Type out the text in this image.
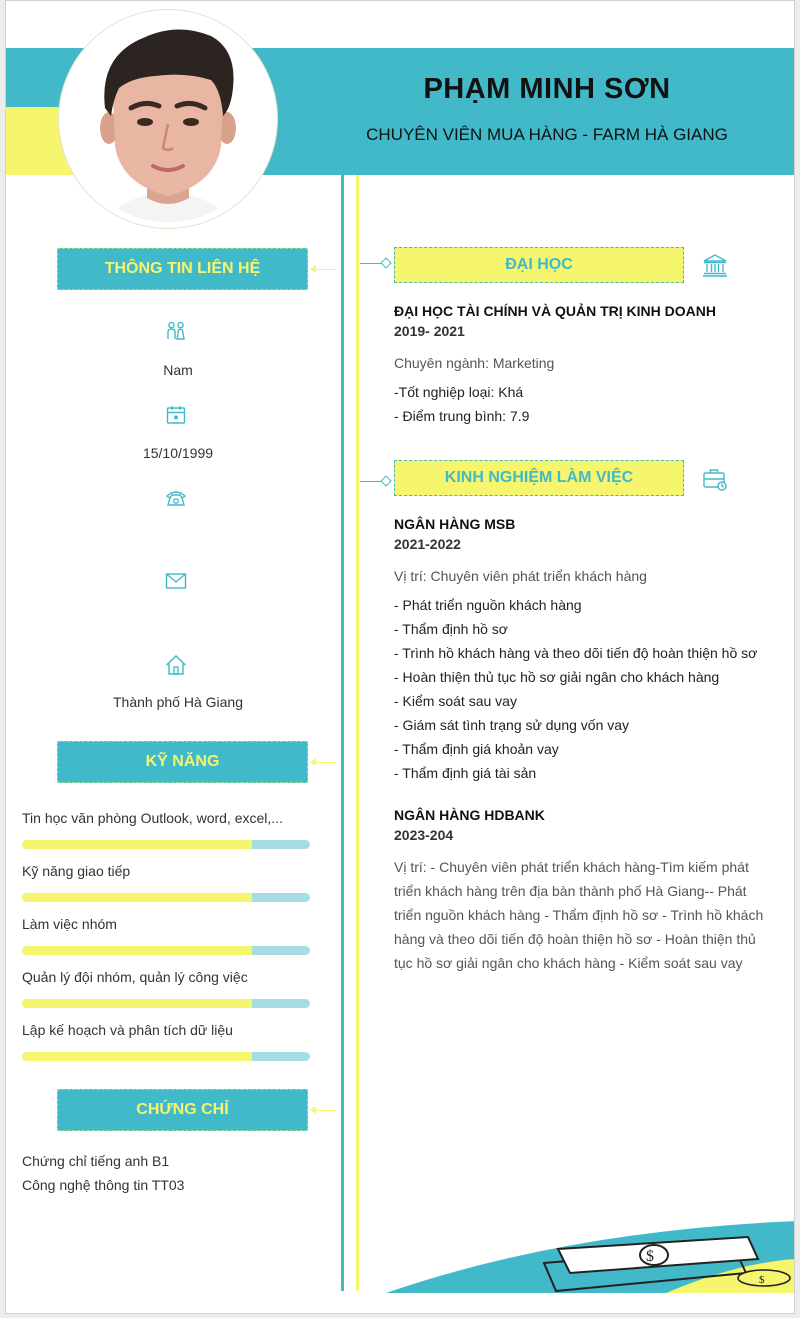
PHẠM MINH SƠN
CHUYÊN VIÊN MUA HÀNG - FARM HÀ GIANG
THÔNG TIN LIÊN HỆ
Nam
15/10/1999
Thành phố Hà Giang
KỸ NĂNG
Tin học văn phòng Outlook, word, excel,...
Kỹ năng giao tiếp
Làm việc nhóm
Quản lý đội nhóm, quản lý công việc
Lập kế hoạch và phân tích dữ liệu
CHỨNG CHỈ
Chứng chỉ tiếng anh B1
Công nghệ thông tin TT03
ĐẠI HỌC
ĐẠI HỌC TÀI CHÍNH VÀ QUẢN TRỊ KINH DOANH
2019- 2021
Chuyên ngành: Marketing
-Tốt nghiệp loại: Khá
- Điểm trung bình: 7.9
KINH NGHIỆM LÀM VIỆC
NGÂN HÀNG MSB
2021-2022
Vị trí: Chuyên viên phát triển khách hàng
- Phát triển nguồn khách hàng
- Thẩm định hồ sơ
- Trình hồ khách hàng và theo dõi tiến độ hoàn thiện hồ sơ
- Hoàn thiện thủ tục hồ sơ giải ngân cho khách hàng
- Kiểm soát sau vay
- Giám sát tình trạng sử dụng vốn vay
- Thẩm định giá khoản vay
- Thẩm định giá tài sản
NGÂN HÀNG HDBANK
2023-204
Vị trí: - Chuyên viên phát triển khách hàng-Tìm kiếm phát triển khách hàng trên địa bàn thành phố Hà Giang-- Phát triển nguồn khách hàng - Thẩm định hồ sơ - Trình hồ khách hàng và theo dõi tiến độ hoàn thiện hồ sơ - Hoàn thiện thủ tục hồ sơ giải ngân cho khách hàng - Kiểm soát sau vay
$
$
